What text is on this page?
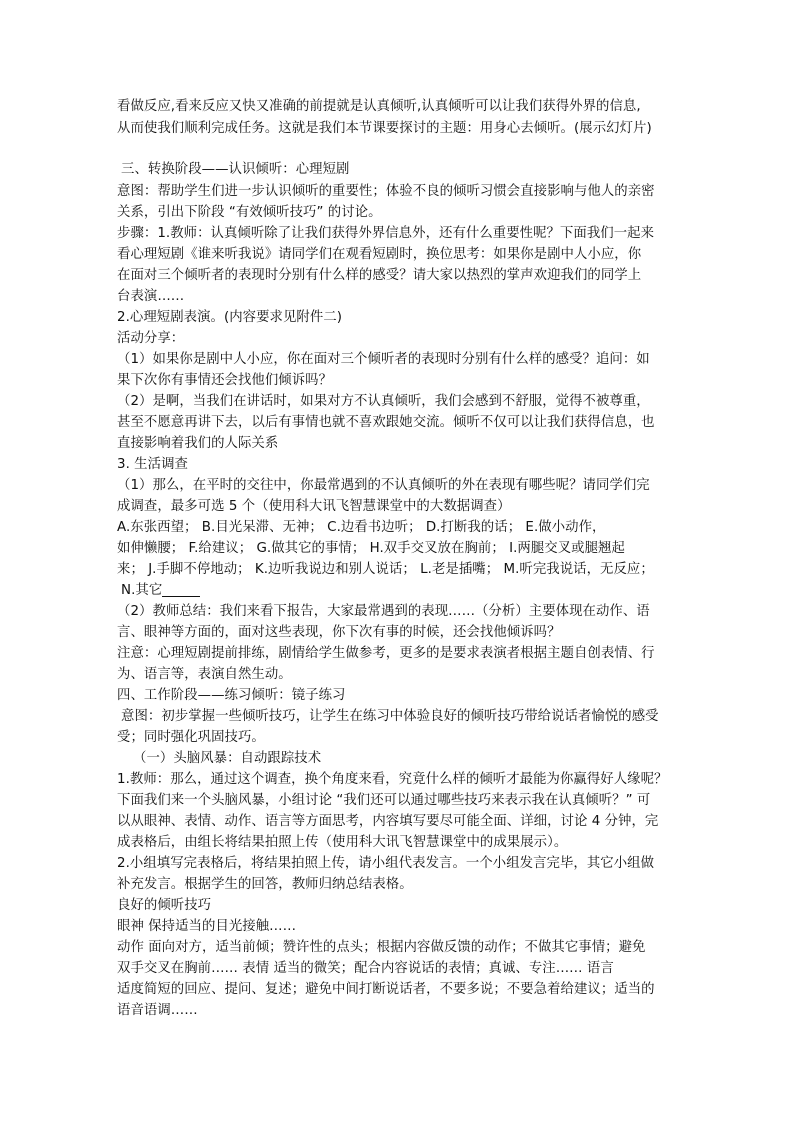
看做反应,看来反应又快又准确的前提就是认真倾听,认真倾听可以让我们获得外界的信息,
从而使我们顺利完成任务。这就是我们本节课要探讨的主题：用身心去倾听。(展示幻灯片)
三、转换阶段——认识倾听：心理短剧
意图：帮助学生们进一步认识倾听的重要性；体验不良的倾听习惯会直接影响与他人的亲密
关系，引出下阶段 “有效倾听技巧” 的讨论。
步骤：1.教师：认真倾听除了让我们获得外界信息外，还有什么重要性呢？下面我们一起来
看心理短剧《谁来听我说》请同学们在观看短剧时，换位思考：如果你是剧中人小应，你
在面对三个倾听者的表现时分别有什么样的感受？请大家以热烈的掌声欢迎我们的同学上
台表演……
2.心理短剧表演。(内容要求见附件二)
活动分享：
（1）如果你是剧中人小应，你在面对三个倾听者的表现时分别有什么样的感受？追问：如
果下次你有事情还会找他们倾诉吗？
（2）是啊，当我们在讲话时，如果对方不认真倾听，我们会感到不舒服，觉得不被尊重，
甚至不愿意再讲下去，以后有事情也就不喜欢跟她交流。倾听不仅可以让我们获得信息，也
直接影响着我们的人际关系
3. 生活调查
（1）那么，在平时的交往中，你最常遇到的不认真倾听的外在表现有哪些呢？请同学们完
成调查，最多可选 5 个（使用科大讯飞智慧课堂中的大数据调查）
A.东张西望； B.目光呆滞、无神； C.边看书边听； D.打断我的话； E.做小动作，
如伸懒腰； F.给建议； G.做其它的事情； H.双手交叉放在胸前； I.两腿交叉或腿翘起
来； J.手脚不停地动； K.边听我说边和别人说话； L.老是插嘴； M.听完我说话，无反应；
N.其它
（2）教师总结：我们来看下报告，大家最常遇到的表现……（分析）主要体现在动作、语
言、眼神等方面的，面对这些表现，你下次有事的时候，还会找他倾诉吗？
注意：心理短剧提前排练，剧情给学生做参考，更多的是要求表演者根据主题自创表情、行
为、语言等，表演自然生动。
四、工作阶段——练习倾听：镜子练习
意图：初步掌握一些倾听技巧，让学生在练习中体验良好的倾听技巧带给说话者愉悦的感受
受；同时强化巩固技巧。
（一）头脑风暴：自动跟踪技术
1.教师：那么，通过这个调查，换个角度来看，究竟什么样的倾听才最能为你赢得好人缘呢？
下面我们来一个头脑风暴，小组讨论 “我们还可以通过哪些技巧来表示我在认真倾听？” 可
以从眼神、表情、动作、语言等方面思考，内容填写要尽可能全面、详细，讨论 4 分钟，完
成表格后，由组长将结果拍照上传（使用科大讯飞智慧课堂中的成果展示）。
2.小组填写完表格后，将结果拍照上传，请小组代表发言。一个小组发言完毕，其它小组做
补充发言。根据学生的回答，教师归纳总结表格。
良好的倾听技巧
眼神 保持适当的目光接触……
动作 面向对方，适当前倾；赞许性的点头；根据内容做反馈的动作；不做其它事情；避免
双手交叉在胸前…… 表情 适当的微笑；配合内容说话的表情；真诚、专注…… 语言
适度简短的回应、提问、复述；避免中间打断说话者，不要多说；不要急着给建议；适当的
语音语调……
